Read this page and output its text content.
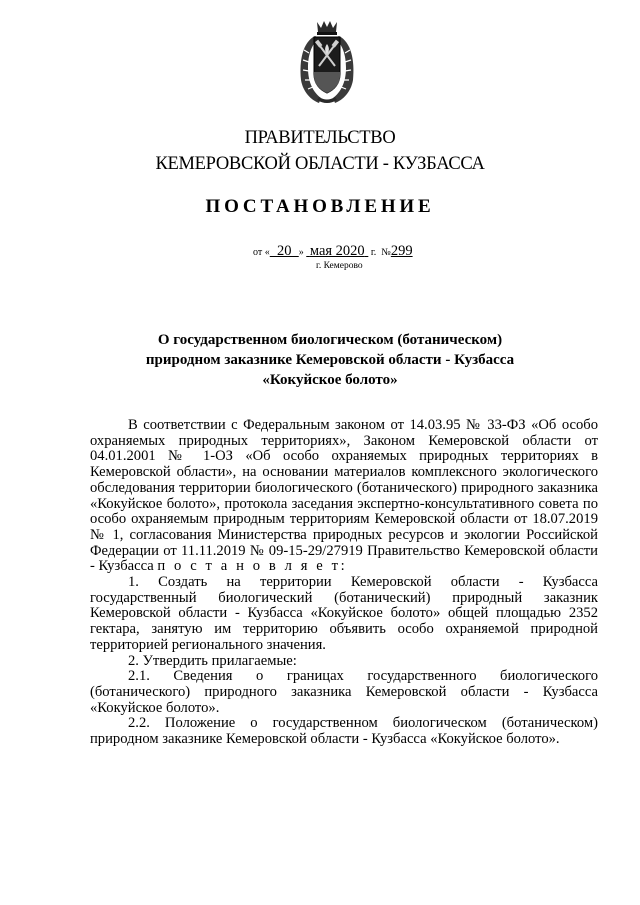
ПРАВИТЕЛЬСТВО
КЕМЕРОВСКОЙ ОБЛАСТИ - КУЗБАССА
ПОСТАНОВЛЕНИЕ
от « 20 » мая 2020 г. №299
г. Кемерово
О государственном биологическом (ботаническом)
природном заказнике Кемеровской области - Кузбасса
«Кокуйское болото»

В соответствии с Федеральным законом от 14.03.95 № 33-ФЗ «Об особо охраняемых природных территориях», Законом Кемеровской области от 04.01.2001 № 1-ОЗ «Об особо охраняемых природных территориях в Кемеровской области», на основании материалов комплексного экологического обследования территории биологического (ботанического) природного заказника «Кокуйское болото», протокола заседания экспертно-консультативного совета по особо охраняемым природным территориям Кемеровской области от 18.07.2019 № 1, согласования Министерства природных ресурсов и экологии Российской Федерации от 11.11.2019 № 09-15-29/27919 Правительство Кемеровской области - Кузбасса п о с т а н о в л я е т:

1. Создать на территории Кемеровской области - Кузбасса государственный биологический (ботанический) природный заказник Кемеровской области - Кузбасса «Кокуйское болото» общей площадью 2352 гектара, занятую им территорию объявить особо охраняемой природной территорией регионального значения.

2. Утвердить прилагаемые:

2.1. Сведения о границах государственного биологического (ботанического) природного заказника Кемеровской области - Кузбасса «Кокуйское болото».

2.2. Положение о государственном биологическом (ботаническом) природном заказнике Кемеровской области - Кузбасса «Кокуйское болото».
